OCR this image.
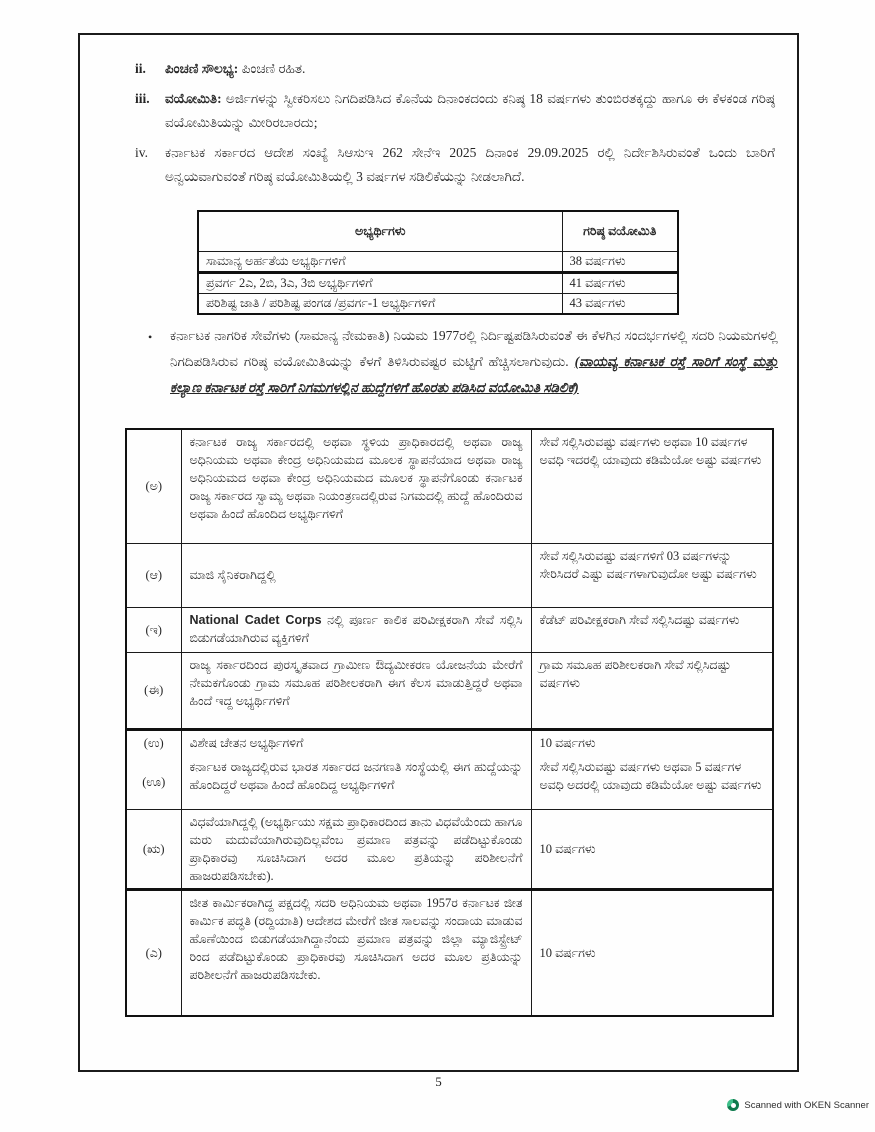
ii.	ಪಿಂಚಣಿ ಸೌಲಭ್ಯ: ಪಿಂಚಣಿ ರಹಿತ.
iii.	ವಯೋಮಿತಿ: ಅರ್ಜಿಗಳನ್ನು ಸ್ವೀಕರಿಸಲು ನಿಗದಿಪಡಿಸಿದ ಕೊನೆಯ ದಿನಾಂಕದಂದು ಕನಿಷ್ಠ 18 ವರ್ಷಗಳು ತುಂಬಿರತಕ್ಕದ್ದು ಹಾಗೂ ಈ ಕೆಳಕಂಡ ಗರಿಷ್ಠ ವಯೋಮಿತಿಯನ್ನು ಮೀರಿರಬಾರದು;
iv.	ಕರ್ನಾಟಕ ಸರ್ಕಾರದ ಆದೇಶ ಸಂಖ್ಯೆ ಸಿಆಸುಇ 262 ಸೇನೆಇ 2025 ದಿನಾಂಕ 29.09.2025 ರಲ್ಲಿ ನಿರ್ದೇಶಿಸಿರುವಂತೆ ಒಂದು ಬಾರಿಗೆ ಅನ್ವಯವಾಗುವಂತೆ ಗರಿಷ್ಠ ವಯೋಮಿತಿಯಲ್ಲಿ 3 ವರ್ಷಗಳ ಸಡಿಲಿಕೆಯನ್ನು ನೀಡಲಾಗಿದೆ.
ಅಭ್ಯರ್ಥಿಗಳು	ಗರಿಷ್ಠ ವಯೋಮಿತಿ
ಸಾಮಾನ್ಯ ಅರ್ಹತೆಯ ಅಭ್ಯರ್ಥಿಗಳಿಗೆ	38 ವರ್ಷಗಳು
ಪ್ರವರ್ಗ 2ಎ, 2ಬಿ, 3ಎ, 3ಬಿ ಅಭ್ಯರ್ಥಿಗಳಿಗೆ	41 ವರ್ಷಗಳು
ಪರಿಶಿಷ್ಟ ಜಾತಿ / ಪರಿಶಿಷ್ಟ ಪಂಗಡ /ಪ್ರವರ್ಗ-1 ಅಭ್ಯರ್ಥಿಗಳಿಗೆ	43 ವರ್ಷಗಳು
•	ಕರ್ನಾಟಕ ನಾಗರಿಕ ಸೇವೆಗಳು (ಸಾಮಾನ್ಯ ನೇಮಕಾತಿ) ನಿಯಮ 1977ರಲ್ಲಿ ನಿರ್ದಿಷ್ಟಪಡಿಸಿರುವಂತೆ ಈ ಕೆಳಗಿನ ಸಂದರ್ಭಗಳಲ್ಲಿ ಸದರಿ ನಿಯಮಗಳಲ್ಲಿ ನಿಗದಿಪಡಿಸಿರುವ ಗರಿಷ್ಠ ವಯೋಮಿತಿಯನ್ನು ಕೆಳಗೆ ತಿಳಿಸಿರುವಷ್ಟರ ಮಟ್ಟಿಗೆ ಹೆಚ್ಚಿಸಲಾಗುವುದು. (ವಾಯವ್ಯ ಕರ್ನಾಟಕ ರಸ್ತೆ ಸಾರಿಗೆ ಸಂಸ್ಥೆ ಮತ್ತು ಕಲ್ಯಾಣ ಕರ್ನಾಟಕ ರಸ್ತೆ ಸಾರಿಗೆ ನಿಗಮಗಳಲ್ಲಿನ ಹುದ್ದೆಗಳಿಗೆ ಹೊರತು ಪಡಿಸಿದ ವಯೋಮಿತಿ ಸಡಿಲಿಕೆ)
(ಅ)	ಕರ್ನಾಟಕ ರಾಜ್ಯ ಸರ್ಕಾರದಲ್ಲಿ ಅಥವಾ ಸ್ಥಳಿಯ ಪ್ರಾಧಿಕಾರದಲ್ಲಿ ಅಥವಾ ರಾಜ್ಯ ಅಧಿನಿಯಮ ಅಥವಾ ಕೇಂದ್ರ ಅಧಿನಿಯಮದ ಮೂಲಕ ಸ್ಥಾಪನೆಯಾದ ಅಥವಾ ರಾಜ್ಯ ಅಧಿನಿಯಮದ ಅಥವಾ ಕೇಂದ್ರ ಅಧಿನಿಯಮದ ಮೂಲಕ ಸ್ಥಾಪನೆಗೊಂಡು ಕರ್ನಾಟಕ ರಾಜ್ಯ ಸರ್ಕಾರದ ಸ್ವಾಮ್ಯ ಅಥವಾ ನಿಯಂತ್ರಣದಲ್ಲಿರುವ ನಿಗಮದಲ್ಲಿ ಹುದ್ದೆ ಹೊಂದಿರುವ ಅಥವಾ ಹಿಂದೆ ಹೊಂದಿದ ಅಭ್ಯರ್ಥಿಗಳಿಗೆ	ಸೇವೆ ಸಲ್ಲಿಸಿರುವಷ್ಟು ವರ್ಷಗಳು ಅಥವಾ 10 ವರ್ಷಗಳ ಅವಧಿ ಇದರಲ್ಲಿ ಯಾವುದು ಕಡಿಮೆಯೋ ಅಷ್ಟು ವರ್ಷಗಳು
(ಆ)	ಮಾಜಿ ಸೈನಿಕರಾಗಿದ್ದಲ್ಲಿ	ಸೇವೆ ಸಲ್ಲಿಸಿರುವಷ್ಟು ವರ್ಷಗಳಿಗೆ 03 ವರ್ಷಗಳನ್ನು ಸೇರಿಸಿದರೆ ಎಷ್ಟು ವರ್ಷಗಳಾಗುವುದೋ ಅಷ್ಟು ವರ್ಷಗಳು
(ಇ)	National Cadet Corps ನಲ್ಲಿ ಪೂರ್ಣ ಕಾಲಿಕ ಪರಿವೀಕ್ಷಕರಾಗಿ ಸೇವೆ ಸಲ್ಲಿಸಿ ಬಿಡುಗಡೆಯಾಗಿರುವ ವ್ಯಕ್ತಿಗಳಿಗೆ	ಕೆಡೆಟ್ ಪರಿವೀಕ್ಷಕರಾಗಿ ಸೇವೆ ಸಲ್ಲಿಸಿದಷ್ಟು ವರ್ಷಗಳು
(ಈ)	ರಾಜ್ಯ ಸರ್ಕಾರದಿಂದ ಪುರಸ್ಕೃತವಾದ ಗ್ರಾಮೀಣ ಔದ್ಯಮೀಕರಣ ಯೋಜನೆಯ ಮೇರೆಗೆ ನೇಮಕಗೊಂಡು ಗ್ರಾಮ ಸಮೂಹ ಪರಿಶೀಲಕರಾಗಿ ಈಗ ಕೆಲಸ ಮಾಡುತ್ತಿದ್ದರೆ ಅಥವಾ ಹಿಂದೆ ಇದ್ದ ಅಭ್ಯರ್ಥಿಗಳಿಗೆ	ಗ್ರಾಮ ಸಮೂಹ ಪರಿಶೀಲಕರಾಗಿ ಸೇವೆ ಸಲ್ಲಿಸಿದಷ್ಟು ವರ್ಷಗಳು
(ಉ)	ವಿಶೇಷ ಚೇತನ ಅಭ್ಯರ್ಥಿಗಳಿಗೆ	10 ವರ್ಷಗಳು
(ಊ)	ಕರ್ನಾಟಕ ರಾಜ್ಯದಲ್ಲಿರುವ ಭಾರತ ಸರ್ಕಾರದ ಜನಗಣತಿ ಸಂಸ್ಥೆಯಲ್ಲಿ ಈಗ ಹುದ್ದೆಯನ್ನು ಹೊಂದಿದ್ದರೆ ಅಥವಾ ಹಿಂದೆ ಹೊಂದಿದ್ದ ಅಭ್ಯರ್ಥಿಗಳಿಗೆ	ಸೇವೆ ಸಲ್ಲಿಸಿರುವಷ್ಟು ವರ್ಷಗಳು ಅಥವಾ 5 ವರ್ಷಗಳ ಅವಧಿ ಅದರಲ್ಲಿ ಯಾವುದು ಕಡಿಮೆಯೋ ಅಷ್ಟು ವರ್ಷಗಳು
(ಋ)	ವಿಧವೆಯಾಗಿದ್ದಲ್ಲಿ (ಅಭ್ಯರ್ಥಿಯು ಸಕ್ಷಮ ಪ್ರಾಧಿಕಾರದಿಂದ ತಾನು ವಿಧವೆಯೆಂದು ಹಾಗೂ ಮರು ಮದುವೆಯಾಗಿರುವುದಿಲ್ಲವೆಂಬ ಪ್ರಮಾಣ ಪತ್ರವನ್ನು ಪಡೆದಿಟ್ಟುಕೊಂಡು ಪ್ರಾಧಿಕಾರವು ಸೂಚಿಸಿದಾಗ ಅದರ ಮೂಲ ಪ್ರತಿಯನ್ನು ಪರಿಶೀಲನೆಗೆ ಹಾಜರುಪಡಿಸಬೇಕು).	10 ವರ್ಷಗಳು
(ಎ)	ಜೀತ ಕಾರ್ಮಿಕರಾಗಿದ್ದ ಪಕ್ಷದಲ್ಲಿ ಸದರಿ ಅಧಿನಿಯಮ ಅಥವಾ 1957ರ ಕರ್ನಾಟಕ ಜೀತ ಕಾರ್ಮಿಕ ಪದ್ಧತಿ (ರದ್ದಿಯಾತಿ) ಆದೇಶದ ಮೇರೆಗೆ ಜೀತ ಸಾಲವನ್ನು ಸಂದಾಯ ಮಾಡುವ ಹೊಣೆಯಿಂದ ಬಿಡುಗಡೆಯಾಗಿದ್ದಾನೆಂದು ಪ್ರಮಾಣ ಪತ್ರವನ್ನು ಜಿಲ್ಲಾ ಮ್ಯಾಜಿಸ್ಟ್ರೇಟ್ ರಿಂದ ಪಡೆದಿಟ್ಟುಕೊಂಡು ಪ್ರಾಧಿಕಾರವು ಸೂಚಿಸಿದಾಗ ಅದರ ಮೂಲ ಪ್ರತಿಯನ್ನು ಪರಿಶೀಲನೆಗೆ ಹಾಜರುಪಡಿಸಬೇಕು.	10 ವರ್ಷಗಳು
5
Scanned with OKEN Scanner
